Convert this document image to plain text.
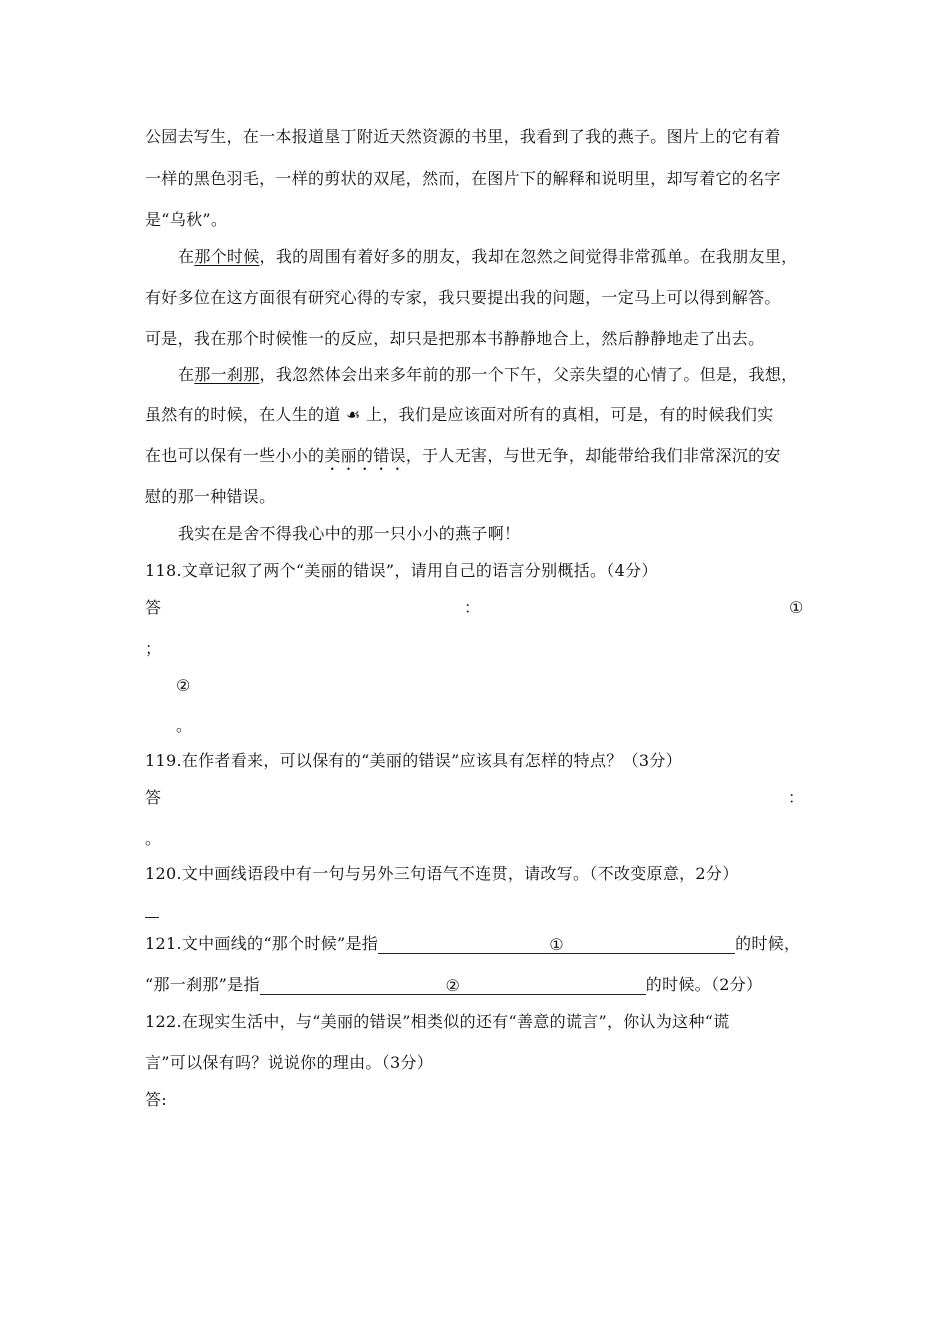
公园去写生，在一本报道垦丁附近天然资源的书里，我看到了我的燕子。图片上的它有着
一样的黑色羽毛，一样的剪状的双尾，然而，在图片下的解释和说明里，却写着它的名字
是“乌秋”。
在那个时候，我的周围有着好多的朋友，我却在忽然之间觉得非常孤单。在我朋友里，
有好多位在这方面很有研究心得的专家，我只要提出我的问题，一定马上可以得到解答。
可是，我在那个时候惟一的反应，却只是把那本书静静地合上，然后静静地走了出去。
在那一刹那，我忽然体会出来多年前的那一个下午，父亲失望的心情了。但是，我想，
虽然有的时候，在人生的道 ☙ 上，我们是应该面对所有的真相，可是，有的时候我们实
在也可以保有一些小小的美丽的错误，于人无害，与世无争，却能带给我们非常深沉的安
慰的那一种错误。
我实在是舍不得我心中的那一只小小的燕子啊！
118.文章记叙了两个“美丽的错误”，请用自己的语言分别概括。（4分）
答	：	①
；
②
。
119.在作者看来，可以保有的“美丽的错误”应该具有怎样的特点？（3分）
答	：
。
120.文中画线语段中有一句与另外三句语气不连贯，请改写。（不改变原意，2分）
121.文中画线的“那个时候”是指	①	的时候，
“那一刹那”是指	②	的时候。（2分）
122.在现实生活中，与“美丽的错误”相类似的还有“善意的谎言”，你认为这种“谎
言”可以保有吗？说说你的理由。（3分）
答:
